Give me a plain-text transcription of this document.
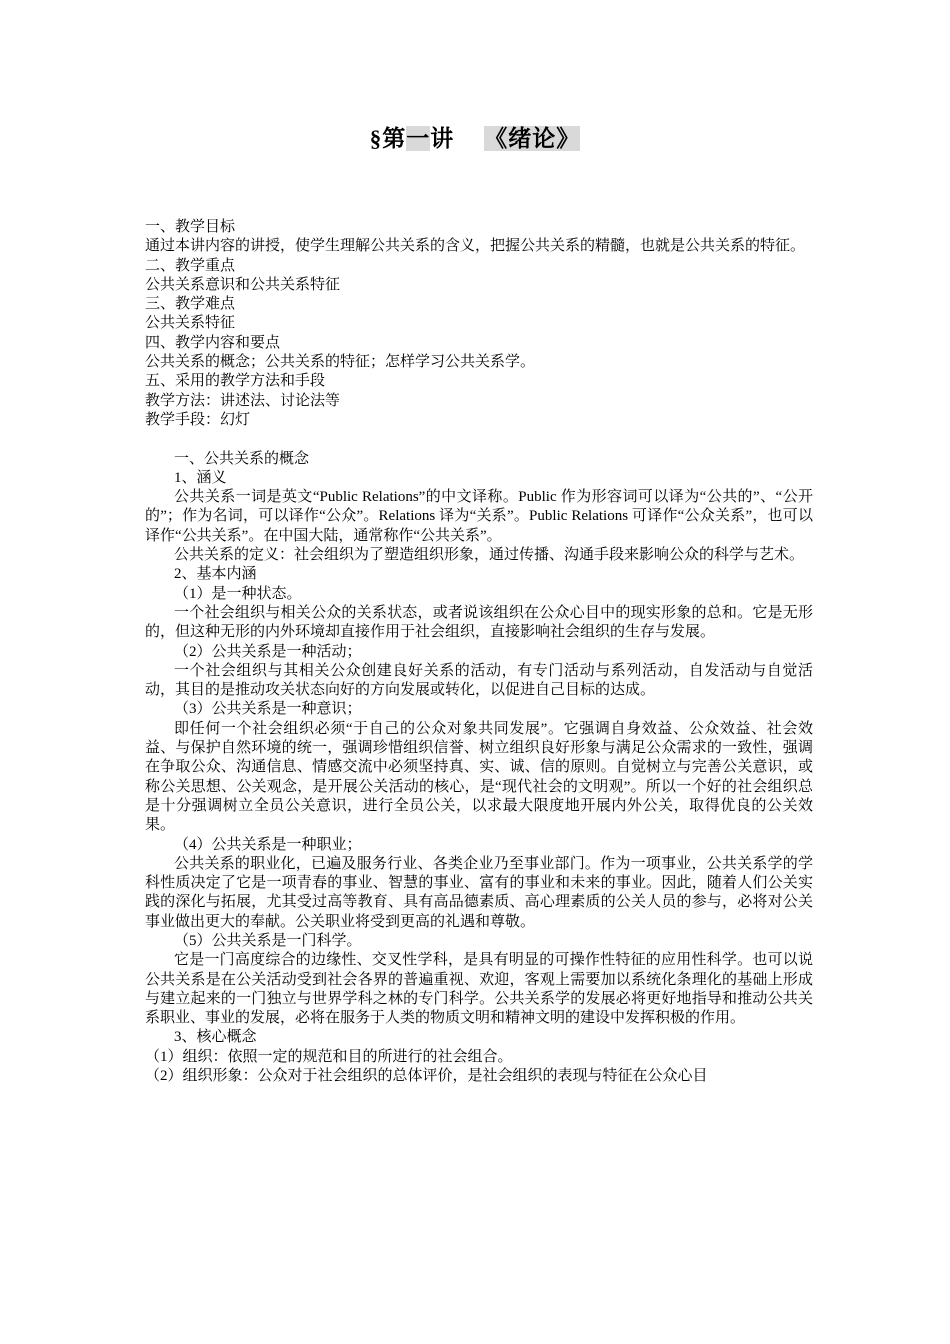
§第一讲 《绪论》

一、教学目标

通过本讲内容的讲授，使学生理解公共关系的含义，把握公共关系的精髓，也就是公共关系的特征。

二、教学重点

公共关系意识和公共关系特征

三、教学难点

公共关系特征

四、教学内容和要点

公共关系的概念；公共关系的特征；怎样学习公共关系学。

五、采用的教学方法和手段

教学方法：讲述法、讨论法等

教学手段：幻灯

一、公共关系的概念

1、涵义

公共关系一词是英文“Public Relations”的中文译称。Public 作为形容词可以译为“公共的”、“公开的”；作为名词，可以译作“公众”。Relations 译为“关系”。Public Relations 可译作“公众关系”，也可以译作“公共关系”。在中国大陆，通常称作“公共关系”。

公共关系的定义：社会组织为了塑造组织形象，通过传播、沟通手段来影响公众的科学与艺术。

2、基本内涵

（1）是一种状态。

一个社会组织与相关公众的关系状态，或者说该组织在公众心目中的现实形象的总和。它是无形的，但这种无形的内外环境却直接作用于社会组织，直接影响社会组织的生存与发展。

（2）公共关系是一种活动；

一个社会组织与其相关公众创建良好关系的活动，有专门活动与系列活动，自发活动与自觉活动，其目的是推动攻关状态向好的方向发展或转化，以促进自己目标的达成。

（3）公共关系是一种意识；

即任何一个社会组织必须“于自己的公众对象共同发展”。它强调自身效益、公众效益、社会效益、与保护自然环境的统一，强调珍惜组织信誉、树立组织良好形象与满足公众需求的一致性，强调在争取公众、沟通信息、情感交流中必须坚持真、实、诚、信的原则。自觉树立与完善公关意识，或称公关思想、公关观念，是开展公关活动的核心，是“现代社会的文明观”。所以一个好的社会组织总是十分强调树立全员公关意识，进行全员公关，以求最大限度地开展内外公关，取得优良的公关效果。

（4）公共关系是一种职业；

公共关系的职业化，已遍及服务行业、各类企业乃至事业部门。作为一项事业，公共关系学的学科性质决定了它是一项青春的事业、智慧的事业、富有的事业和未来的事业。因此，随着人们公关实践的深化与拓展，尤其受过高等教育、具有高品德素质、高心理素质的公关人员的参与，必将对公关事业做出更大的奉献。公关职业将受到更高的礼遇和尊敬。

（5）公共关系是一门科学。

它是一门高度综合的边缘性、交叉性学科，是具有明显的可操作性特征的应用性科学。也可以说公共关系是在公关活动受到社会各界的普遍重视、欢迎，客观上需要加以系统化条理化的基础上形成与建立起来的一门独立与世界学科之林的专门科学。公共关系学的发展必将更好地指导和推动公共关系职业、事业的发展，必将在服务于人类的物质文明和精神文明的建设中发挥积极的作用。

3、核心概念

（1）组织：依照一定的规范和目的所进行的社会组合。

（2）组织形象：公众对于社会组织的总体评价，是社会组织的表现与特征在公众心目
